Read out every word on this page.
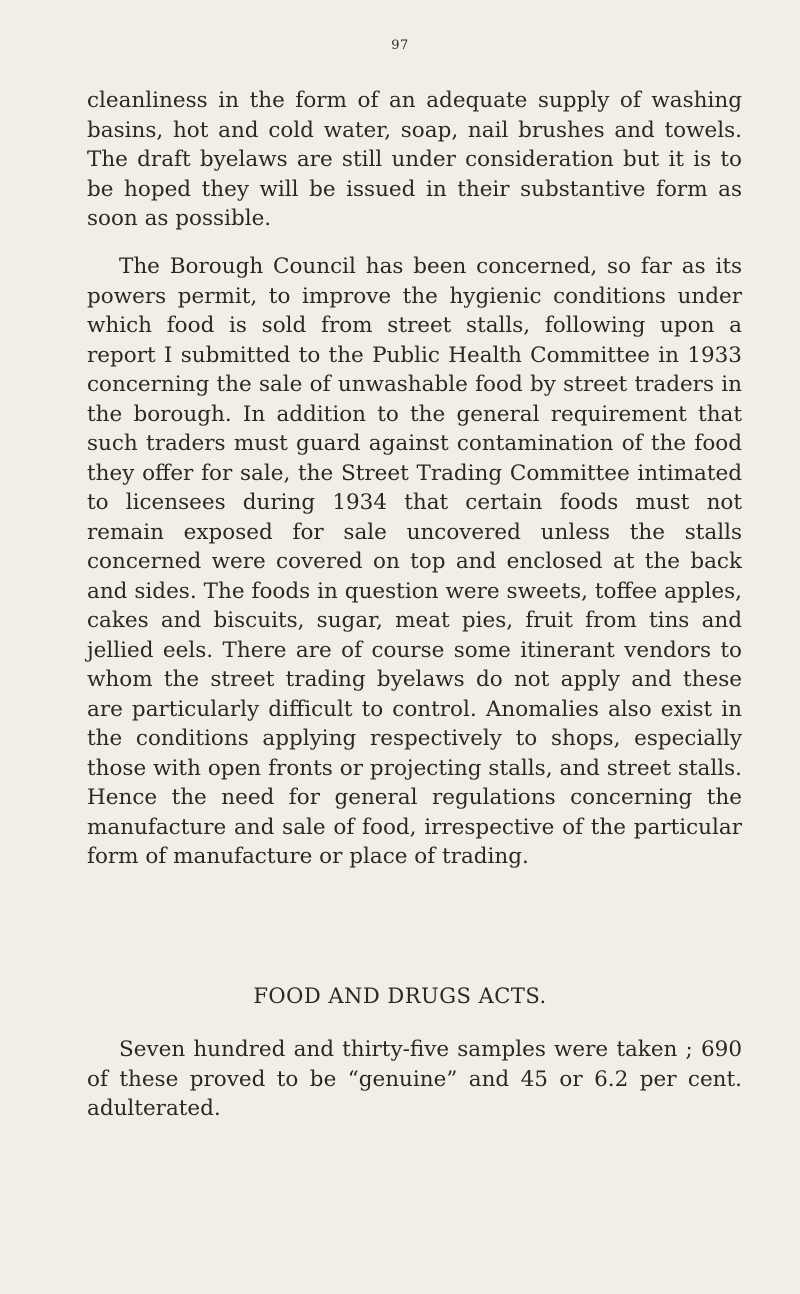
97

cleanliness in the form of an adequate supply of washing basins, hot and cold water, soap, nail brushes and towels. The draft byelaws are still under consideration but it is to be hoped they will be issued in their substantive form as soon as possible.

The Borough Council has been concerned, so far as its powers permit, to improve the hygienic conditions under which food is sold from street stalls, following upon a report I submitted to the Public Health Committee in 1933 concerning the sale of unwashable food by street traders in the borough. In addition to the general requirement that such traders must guard against contamination of the food they offer for sale, the Street Trading Committee intimated to licensees during 1934 that certain foods must not remain exposed for sale uncovered unless the stalls concerned were covered on top and enclosed at the back and sides. The foods in question were sweets, toffee apples, cakes and biscuits, sugar, meat pies, fruit from tins and jellied eels. There are of course some itinerant vendors to whom the street trading byelaws do not apply and these are particularly difficult to control. Anomalies also exist in the conditions applying respectively to shops, especially those with open fronts or projecting stalls, and street stalls. Hence the need for general regulations concerning the manufacture and sale of food, irrespective of the particular form of manufacture or place of trading.

FOOD AND DRUGS ACTS.

Seven hundred and thirty-five samples were taken ; 690 of these proved to be “genuine” and 45 or 6.2 per cent. adulterated.
